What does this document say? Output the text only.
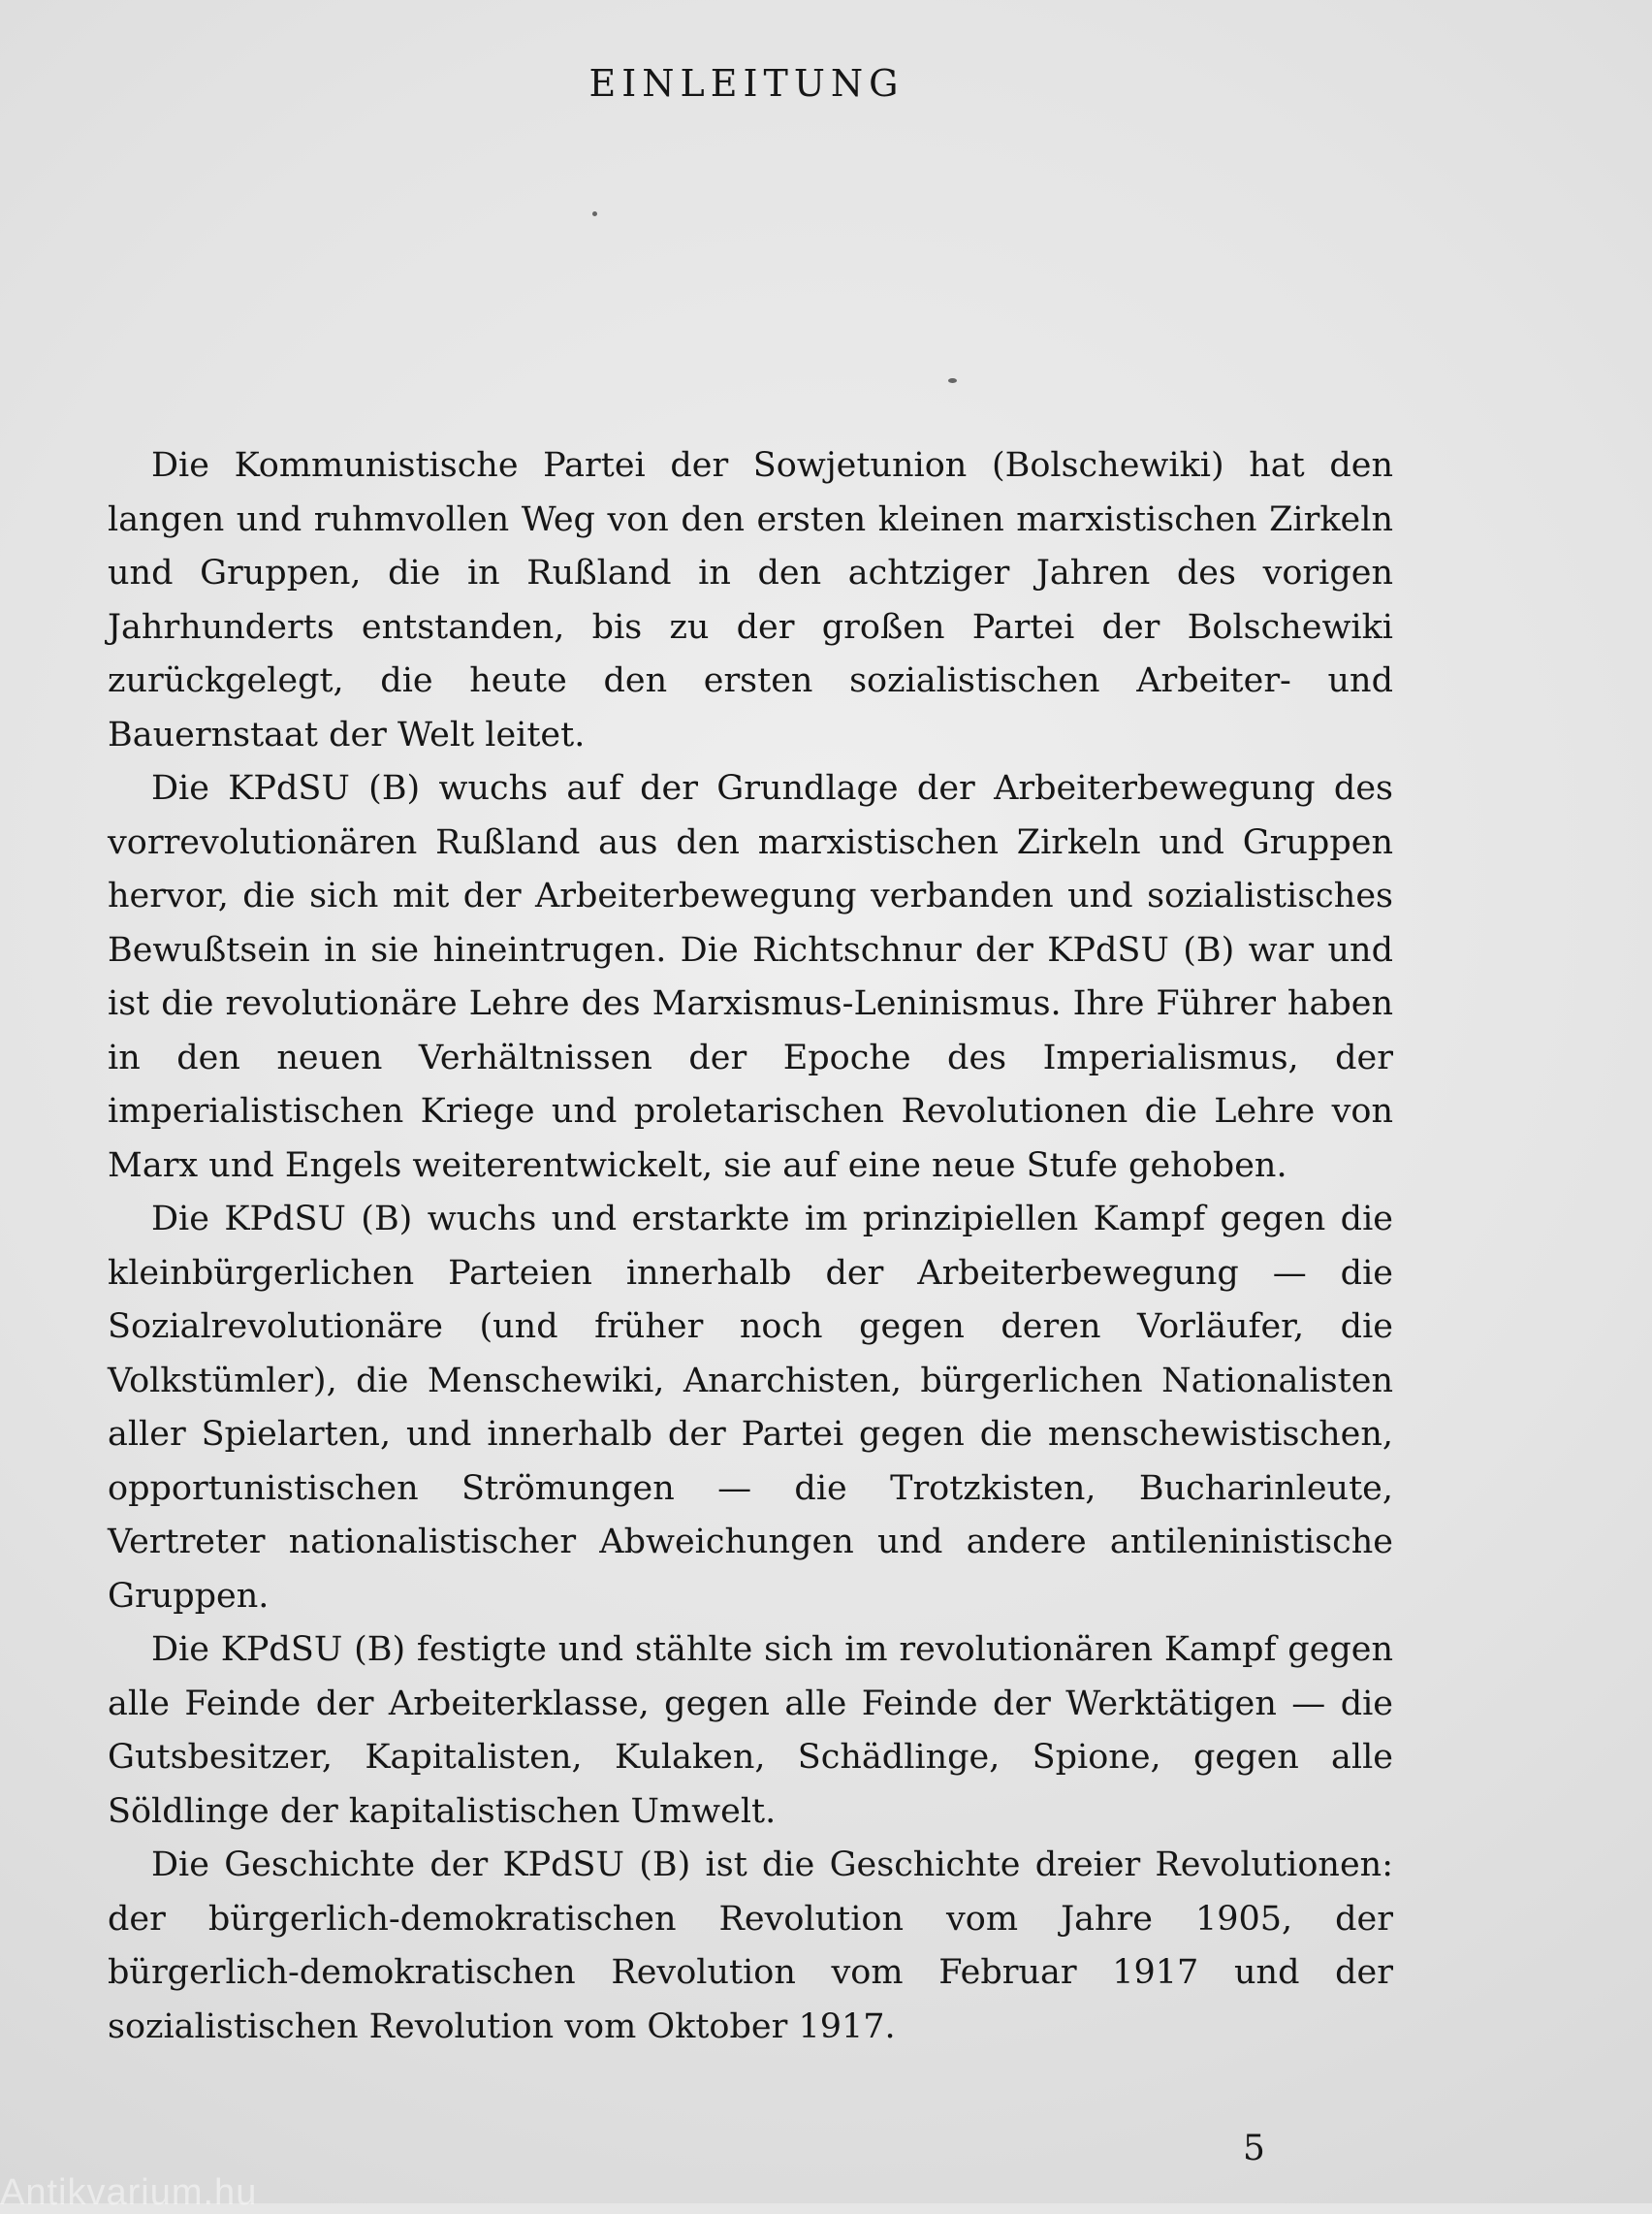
EINLEITUNG

Die Kommunistische Partei der Sowjetunion (Bolschewiki) hat den langen und ruhmvollen Weg von den ersten kleinen marxistischen Zirkeln und Gruppen, die in Rußland in den achtziger Jahren des vorigen Jahrhunderts entstanden, bis zu der großen Partei der Bolschewiki zurückgelegt, die heute den ersten sozialistischen Arbeiter- und Bauernstaat der Welt leitet.

Die KPdSU (B) wuchs auf der Grundlage der Arbeiterbewegung des vorrevolutionären Rußland aus den marxistischen Zirkeln und Gruppen hervor, die sich mit der Arbeiterbewegung verbanden und sozialistisches Bewußtsein in sie hineintrugen. Die Richtschnur der KPdSU (B) war und ist die revolutionäre Lehre des Marxismus-Leninismus. Ihre Führer haben in den neuen Verhältnissen der Epoche des Imperialismus, der imperialistischen Kriege und proletarischen Revolutionen die Lehre von Marx und Engels weiterentwickelt, sie auf eine neue Stufe gehoben.

Die KPdSU (B) wuchs und erstarkte im prinzipiellen Kampf gegen die kleinbürgerlichen Parteien innerhalb der Arbeiterbewegung — die Sozialrevolutionäre (und früher noch gegen deren Vorläufer, die Volkstümler), die Menschewiki, Anarchisten, bürgerlichen Nationalisten aller Spielarten, und innerhalb der Partei gegen die menschewistischen, opportunistischen Strömungen — die Trotzkisten, Bucharinleute, Vertreter nationalistischer Abweichungen und andere antileninistische Gruppen.

Die KPdSU (B) festigte und stählte sich im revolutionären Kampf gegen alle Feinde der Arbeiterklasse, gegen alle Feinde der Werktätigen — die Gutsbesitzer, Kapitalisten, Kulaken, Schädlinge, Spione, gegen alle Söldlinge der kapitalistischen Umwelt.

Die Geschichte der KPdSU (B) ist die Geschichte dreier Revolutionen: der bürgerlich-demokratischen Revolution vom Jahre 1905, der bürgerlich-demokratischen Revolution vom Februar 1917 und der sozialistischen Revolution vom Oktober 1917.

5
Antikvarium.hu
